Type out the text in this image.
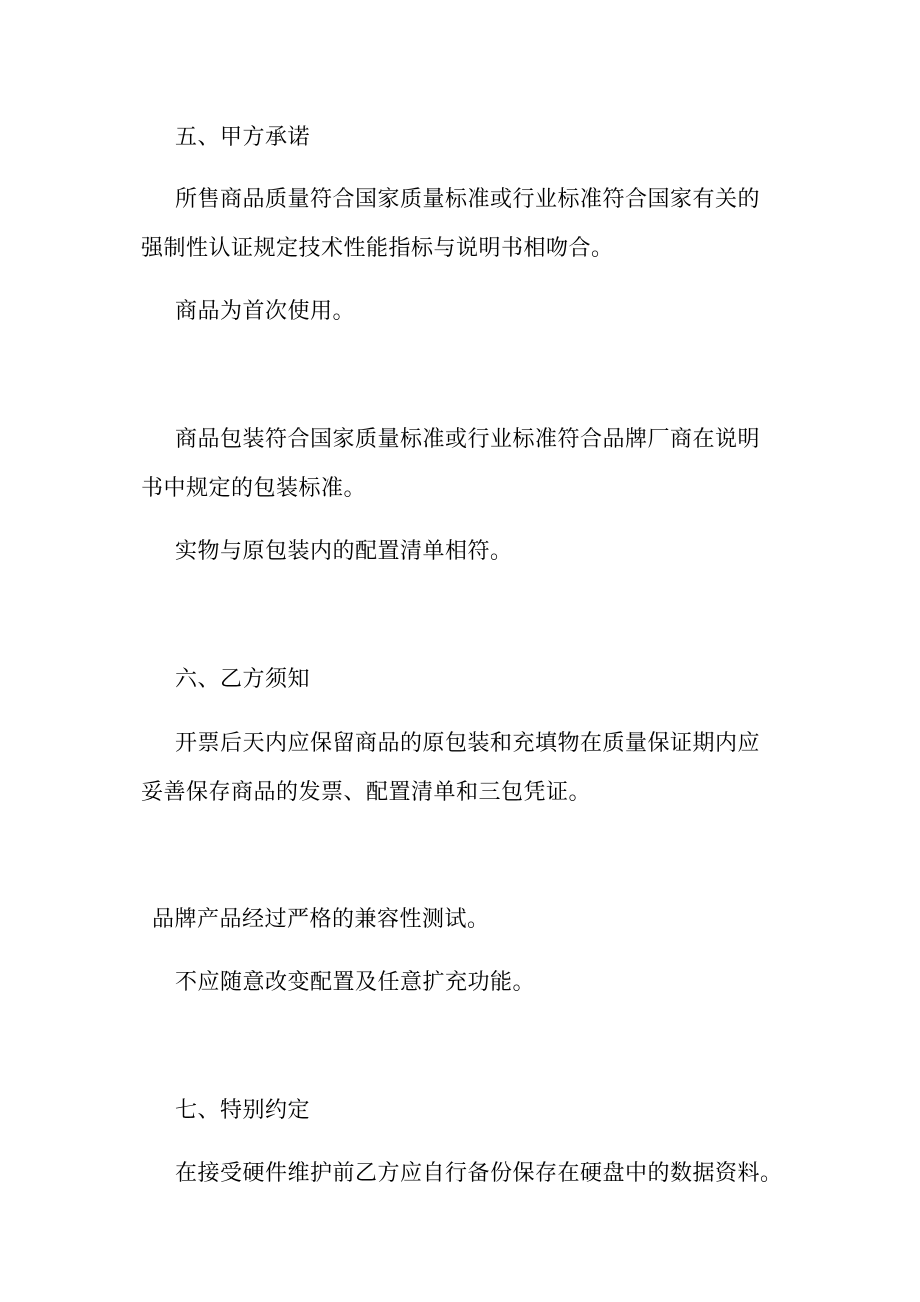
五、甲方承诺
所售商品质量符合国家质量标准或行业标准符合国家有关的
强制性认证规定技术性能指标与说明书相吻合。
商品为首次使用。
商品包装符合国家质量标准或行业标准符合品牌厂商在说明
书中规定的包装标准。
实物与原包装内的配置清单相符。
六、乙方须知
开票后天内应保留商品的原包装和充填物在质量保证期内应
妥善保存商品的发票、配置清单和三包凭证。
品牌产品经过严格的兼容性测试。
不应随意改变配置及任意扩充功能。
七、特别约定
在接受硬件维护前乙方应自行备份保存在硬盘中的数据资料。
